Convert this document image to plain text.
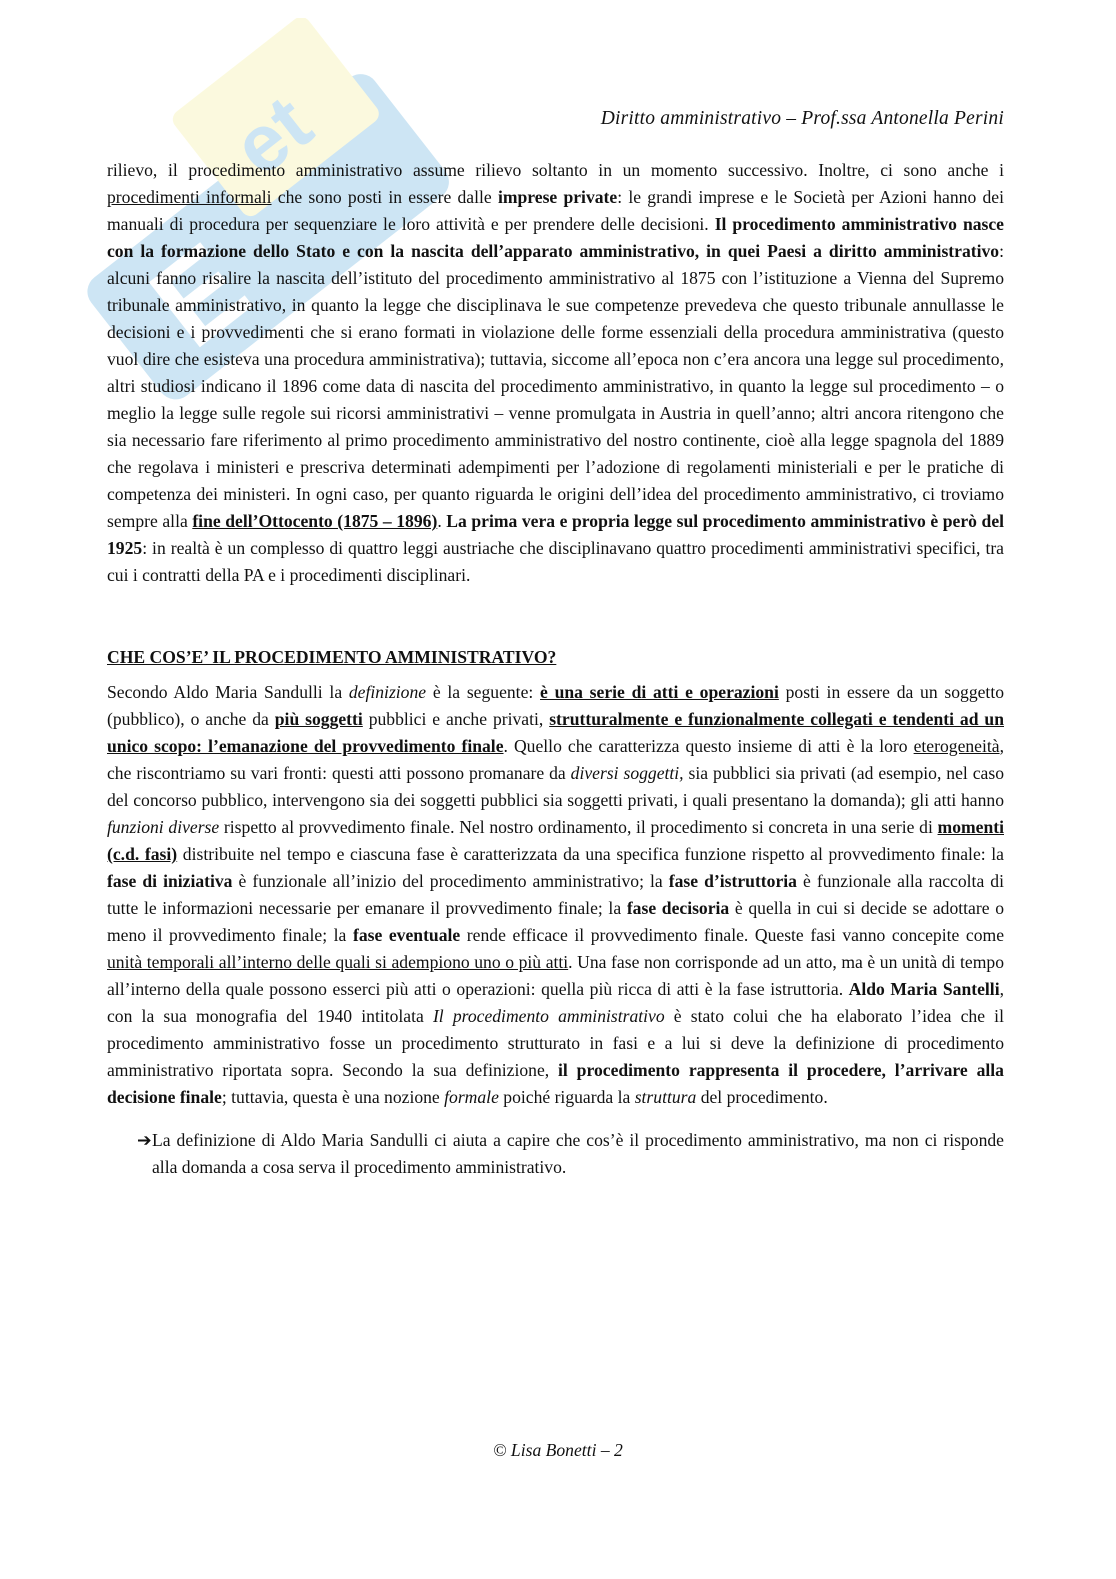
E
et	Diritto amministrativo – Prof.ssa Antonella Perini

rilievo, il procedimento amministrativo assume rilievo soltanto in un momento successivo. Inoltre, ci sono anche i procedimenti informali che sono posti in essere dalle imprese private: le grandi imprese e le Società per Azioni hanno dei manuali di procedura per sequenziare le loro attività e per prendere delle decisioni. Il procedimento amministrativo nasce con la formazione dello Stato e con la nascita dell’apparato amministrativo, in quei Paesi a diritto amministrativo: alcuni fanno risalire la nascita dell’istituto del procedimento amministrativo al 1875 con l’istituzione a Vienna del Supremo tribunale amministrativo, in quanto la legge che disciplinava le sue competenze prevedeva che questo tribunale annullasse le decisioni e i provvedimenti che si erano formati in violazione delle forme essenziali della procedura amministrativa (questo vuol dire che esisteva una procedura amministrativa); tuttavia, siccome all’epoca non c’era ancora una legge sul procedimento, altri studiosi indicano il 1896 come data di nascita del procedimento amministrativo, in quanto la legge sul procedimento – o meglio la legge sulle regole sui ricorsi amministrativi – venne promulgata in Austria in quell’anno; altri ancora ritengono che sia necessario fare riferimento al primo procedimento amministrativo del nostro continente, cioè alla legge spagnola del 1889 che regolava i ministeri e prescriva determinati adempimenti per l’adozione di regolamenti ministeriali e per le pratiche di competenza dei ministeri. In ogni caso, per quanto riguarda le origini dell’idea del procedimento amministrativo, ci troviamo sempre alla fine dell’Ottocento (1875 – 1896). La prima vera e propria legge sul procedimento amministrativo è però del 1925: in realtà è un complesso di quattro leggi austriache che disciplinavano quattro procedimenti amministrativi specifici, tra cui i contratti della PA e i procedimenti disciplinari.

CHE COS’E’ IL PROCEDIMENTO AMMINISTRATIVO?

Secondo Aldo Maria Sandulli la definizione è la seguente: è una serie di atti e operazioni posti in essere da un soggetto (pubblico), o anche da più soggetti pubblici e anche privati, strutturalmente e funzionalmente collegati e tendenti ad un unico scopo: l’emanazione del provvedimento finale. Quello che caratterizza questo insieme di atti è la loro eterogeneità, che riscontriamo su vari fronti: questi atti possono promanare da diversi soggetti, sia pubblici sia privati (ad esempio, nel caso del concorso pubblico, intervengono sia dei soggetti pubblici sia soggetti privati, i quali presentano la domanda); gli atti hanno funzioni diverse rispetto al provvedimento finale. Nel nostro ordinamento, il procedimento si concreta in una serie di momenti (c.d. fasi) distribuite nel tempo e ciascuna fase è caratterizzata da una specifica funzione rispetto al provvedimento finale: la fase di iniziativa è funzionale all’inizio del procedimento amministrativo; la fase d’istruttoria è funzionale alla raccolta di tutte le informazioni necessarie per emanare il provvedimento finale; la fase decisoria è quella in cui si decide se adottare o meno il provvedimento finale; la fase eventuale rende efficace il provvedimento finale. Queste fasi vanno concepite come unità temporali all’interno delle quali si adempiono uno o più atti. Una fase non corrisponde ad un atto, ma è un unità di tempo all’interno della quale possono esserci più atti o operazioni: quella più ricca di atti è la fase istruttoria. Aldo Maria Santelli, con la sua monografia del 1940 intitolata Il procedimento amministrativo è stato colui che ha elaborato l’idea che il procedimento amministrativo fosse un procedimento strutturato in fasi e a lui si deve la definizione di procedimento amministrativo riportata sopra. Secondo la sua definizione, il procedimento rappresenta il procedere, l’arrivare alla decisione finale; tuttavia, questa è una nozione formale poiché riguarda la struttura del procedimento.

➔ La definizione di Aldo Maria Sandulli ci aiuta a capire che cos’è il procedimento amministrativo, ma non ci risponde alla domanda a cosa serva il procedimento amministrativo.
© Lisa Bonetti – 2
